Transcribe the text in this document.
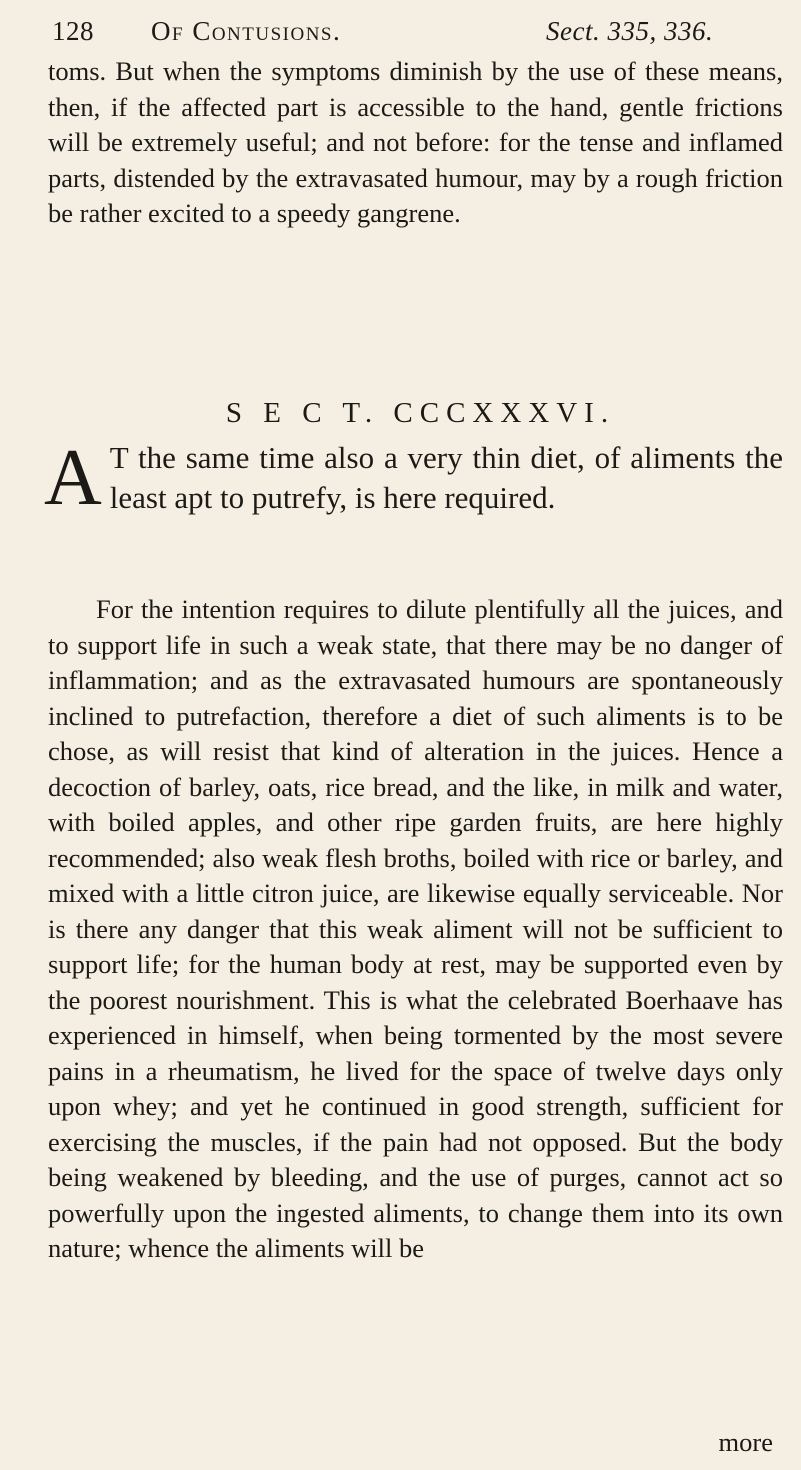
128 Of Contusions.	Sect. 335, 336.

toms. But when the symptoms diminish by the use of these means, then, if the affected part is accessible to the hand, gentle frictions will be extremely useful; and not before: for the tense and inflamed parts, distended by the extravasated humour, may by a rough friction be rather excited to a speedy gangrene.

S E C T. CCCXXXVI.
A T the same time also a very thin diet, of aliments the least apt to putrefy, is here required.

For the intention requires to dilute plentifully all the juices, and to support life in such a weak state, that there may be no danger of inflammation; and as the extravasated humours are spontaneously inclined to putrefaction, therefore a diet of such aliments is to be chose, as will resist that kind of alteration in the juices. Hence a decoction of barley, oats, rice bread, and the like, in milk and water, with boiled apples, and other ripe garden fruits, are here highly recommended; also weak flesh broths, boiled with rice or barley, and mixed with a little citron juice, are likewise equally serviceable. Nor is there any danger that this weak aliment will not be sufficient to support life; for the human body at rest, may be supported even by the poorest nourishment. This is what the celebrated Boerhaave has experienced in himself, when being tormented by the most severe pains in a rheumatism, he lived for the space of twelve days only upon whey; and yet he continued in good strength, sufficient for exercising the muscles, if the pain had not opposed. But the body being weakened by bleeding, and the use of purges, cannot act so powerfully upon the ingested aliments, to change them into its own nature; whence the aliments will be

more
